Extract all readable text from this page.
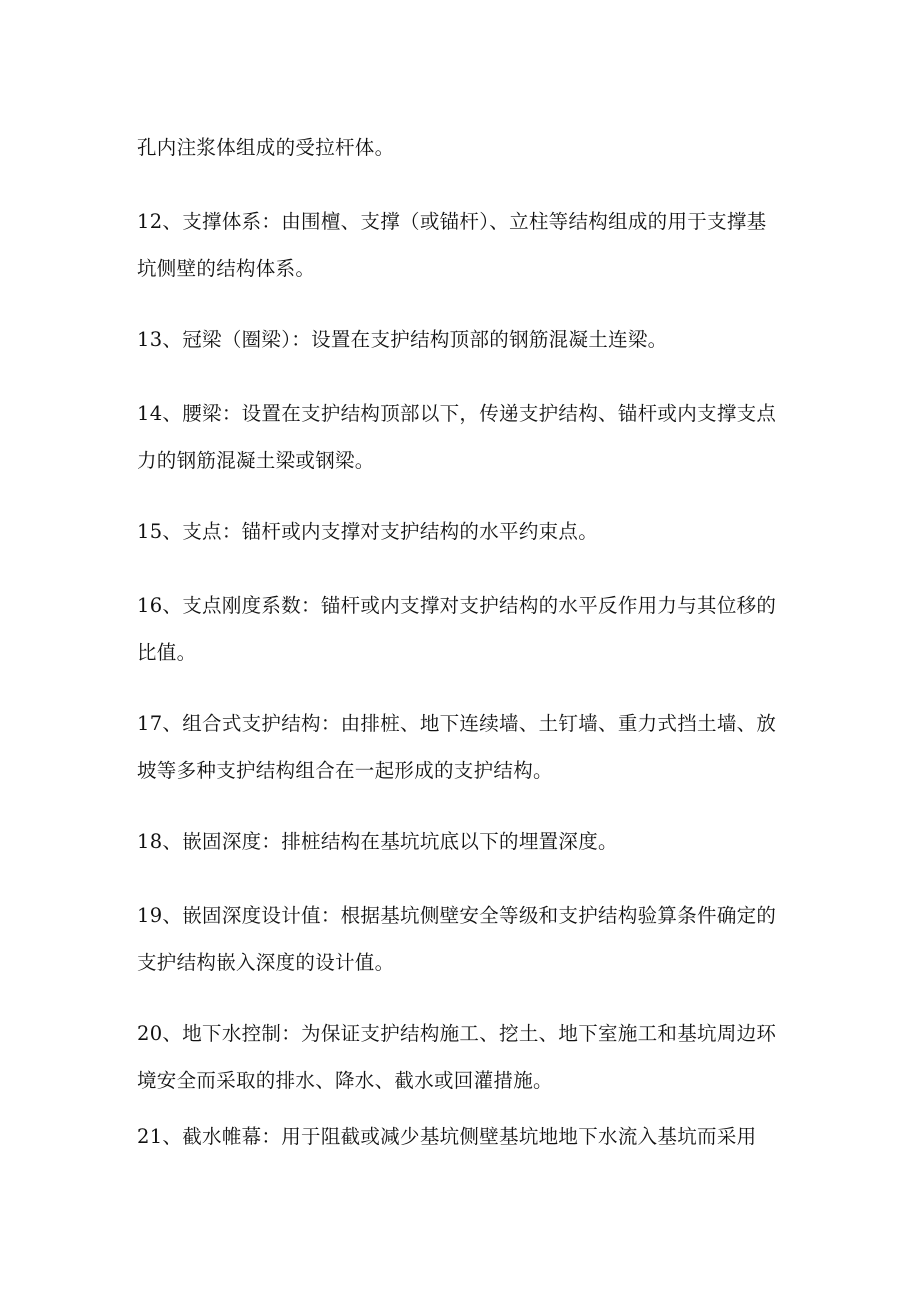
孔内注浆体组成的受拉杆体。
12、支撑体系：由围檀、支撑（或锚杆）、立柱等结构组成的用于支撑基
坑侧壁的结构体系。
13、冠梁（圈梁）：设置在支护结构顶部的钢筋混凝土连梁。
14、腰梁：设置在支护结构顶部以下，传递支护结构、锚杆或内支撑支点
力的钢筋混凝土梁或钢梁。
15、支点：锚杆或内支撑对支护结构的水平约束点。
16、支点刚度系数：锚杆或内支撑对支护结构的水平反作用力与其位移的
比值。
17、组合式支护结构：由排桩、地下连续墙、土钉墙、重力式挡土墙、放
坡等多种支护结构组合在一起形成的支护结构。
18、嵌固深度：排桩结构在基坑坑底以下的埋置深度。
19、嵌固深度设计值：根据基坑侧壁安全等级和支护结构验算条件确定的
支护结构嵌入深度的设计值。
20、地下水控制：为保证支护结构施工、挖土、地下室施工和基坑周边环
境安全而采取的排水、降水、截水或回灌措施。
21、截水帷幕：用于阻截或减少基坑侧壁基坑地地下水流入基坑而采用
